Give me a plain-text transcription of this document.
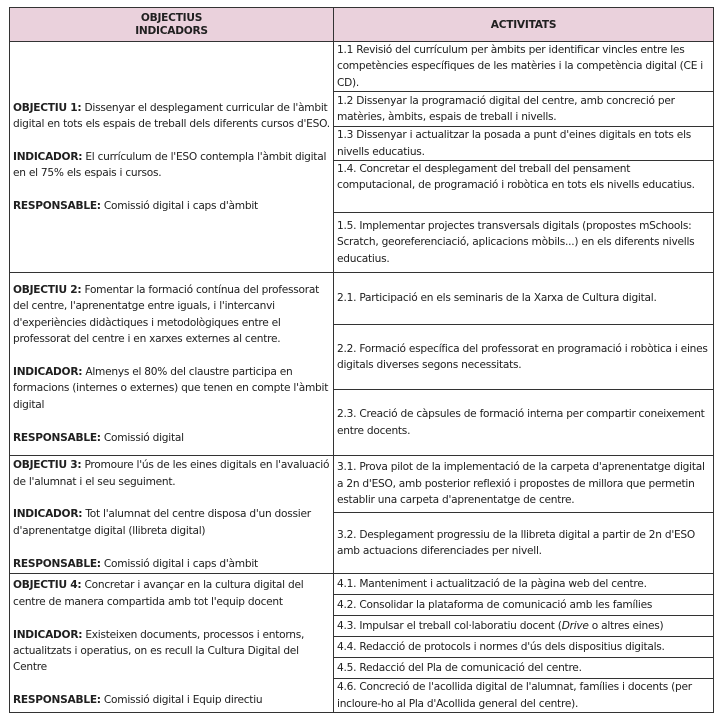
OBJECTIUS
INDICADORS	ACTIVITATS

OBJECTIU 1: Dissenyar el desplegament curricular de l'àmbit digital en tots els espais de treball dels diferents cursos d'ESO.
INDICADOR: El currículum de l'ESO contempla l'àmbit digital en el 75% els espais i cursos.
RESPONSABLE: Comissió digital i caps d'àmbit	1.1 Revisió del currículum per àmbits per identificar vincles entre les competències específiques de les matèries i la competència digital (CE i CD).
	1.2 Dissenyar la programació digital del centre, amb concreció per matèries, àmbits, espais de treball i nivells.
	1.3 Dissenyar i actualitzar la posada a punt d'eines digitals en tots els nivells educatius.
	1.4. Concretar el desplegament del treball del pensament computacional, de programació i robòtica en tots els nivells educatius.
	1.5. Implementar projectes transversals digitals (propostes mSchools: Scratch, georeferenciació, aplicacions mòbils...) en els diferents nivells educatius.

OBJECTIU 2: Fomentar la formació contínua del professorat del centre, l'aprenentatge entre iguals, i l'intercanvi d'experiències didàctiques i metodològiques entre el professorat del centre i en xarxes externes al centre.
INDICADOR: Almenys el 80% del claustre participa en formacions (internes o externes) que tenen en compte l'àmbit digital
RESPONSABLE: Comissió digital	2.1. Participació en els seminaris de la Xarxa de Cultura digital.
	2.2. Formació específica del professorat en programació i robòtica i eines digitals diverses segons necessitats.
	2.3. Creació de càpsules de formació interna per compartir coneixement entre docents.

OBJECTIU 3: Promoure l'ús de les eines digitals en l'avaluació de l'alumnat i el seu seguiment.
INDICADOR: Tot l'alumnat del centre disposa d'un dossier d'aprenentatge digital (llibreta digital)
RESPONSABLE: Comissió digital i caps d'àmbit	3.1. Prova pilot de la implementació de la carpeta d'aprenentatge digital a 2n d'ESO, amb posterior reflexió i propostes de millora que permetin establir una carpeta d'aprenentatge de centre.
	3.2. Desplegament progressiu de la llibreta digital a partir de 2n d'ESO amb actuacions diferenciades per nivell.

OBJECTIU 4: Concretar i avançar en la cultura digital del centre de manera compartida amb tot l'equip docent
INDICADOR: Existeixen documents, processos i entorns, actualitzats i operatius, on es recull la Cultura Digital del Centre
RESPONSABLE: Comissió digital i Equip directiu	4.1. Manteniment i actualització de la pàgina web del centre.
	4.2. Consolidar la plataforma de comunicació amb les famílies
	4.3. Impulsar el treball col·laboratiu docent (Drive o altres eines)
	4.4. Redacció de protocols i normes d'ús dels dispositius digitals.
	4.5. Redacció del Pla de comunicació del centre.
	4.6. Concreció de l'acollida digital de l'alumnat, famílies i docents (per incloure-ho al Pla d'Acollida general del centre).
